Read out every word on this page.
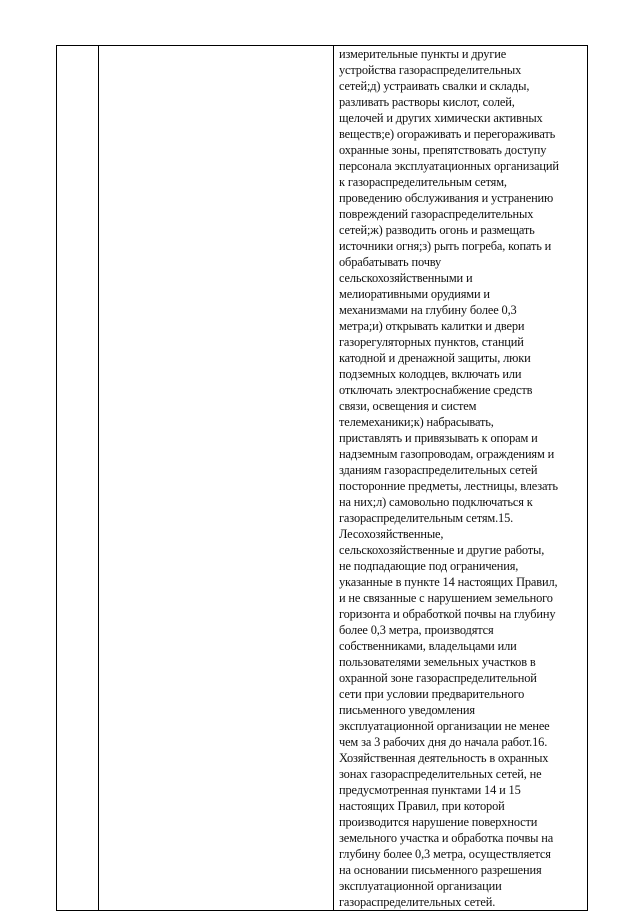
измерительные пункты и другие
устройства газораспределительных
сетей;д) устраивать свалки и склады,
разливать растворы кислот, солей,
щелочей и других химически активных
веществ;е) огораживать и перегораживать
охранные зоны, препятствовать доступу
персонала эксплуатационных организаций
к газораспределительным сетям,
проведению обслуживания и устранению
повреждений газораспределительных
сетей;ж) разводить огонь и размещать
источники огня;з) рыть погреба, копать и
обрабатывать почву
сельскохозяйственными и
мелиоративными орудиями и
механизмами на глубину более 0,3
метра;и) открывать калитки и двери
газорегуляторных пунктов, станций
катодной и дренажной защиты, люки
подземных колодцев, включать или
отключать электроснабжение средств
связи, освещения и систем
телемеханики;к) набрасывать,
приставлять и привязывать к опорам и
надземным газопроводам, ограждениям и
зданиям газораспределительных сетей
посторонние предметы, лестницы, влезать
на них;л) самовольно подключаться к
газораспределительным сетям.15.
Лесохозяйственные,
сельскохозяйственные и другие работы,
не подпадающие под ограничения,
указанные в пункте 14 настоящих Правил,
и не связанные с нарушением земельного
горизонта и обработкой почвы на глубину
более 0,3 метра, производятся
собственниками, владельцами или
пользователями земельных участков в
охранной зоне газораспределительной
сети при условии предварительного
письменного уведомления
эксплуатационной организации не менее
чем за 3 рабочих дня до начала работ.16.
Хозяйственная деятельность в охранных
зонах газораспределительных сетей, не
предусмотренная пунктами 14 и 15
настоящих Правил, при которой
производится нарушение поверхности
земельного участка и обработка почвы на
глубину более 0,3 метра, осуществляется
на основании письменного разрешения
эксплуатационной организации
газораспределительных сетей.
